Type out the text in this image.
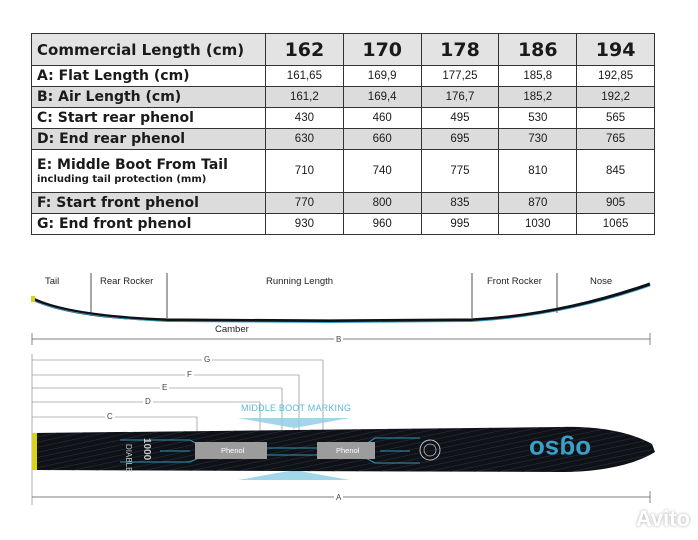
Commercial Length (cm)	162	170	178	186	194
A: Flat Length (cm)	161,65	169,9	177,25	185,8	192,85
B: Air Length (cm)	161,2	169,4	176,7	185,2	192,2
C: Start rear phenol	430	460	495	530	565
D: End rear phenol	630	660	695	730	765
E: Middle Boot From Tail
including tail protection (mm)	710	740	775	810	845
F: Start front phenol	770	800	835	870	905
G: End front phenol	930	960	995	1030	1065
Tail	Rear Rocker	Running Length	Front Rocker	Nose
Camber
B
G
F
E
D
C
MIDDLE BOOT MARKING
Phenol	Phenol
DIABLE 1000	ogso
A
Avito
